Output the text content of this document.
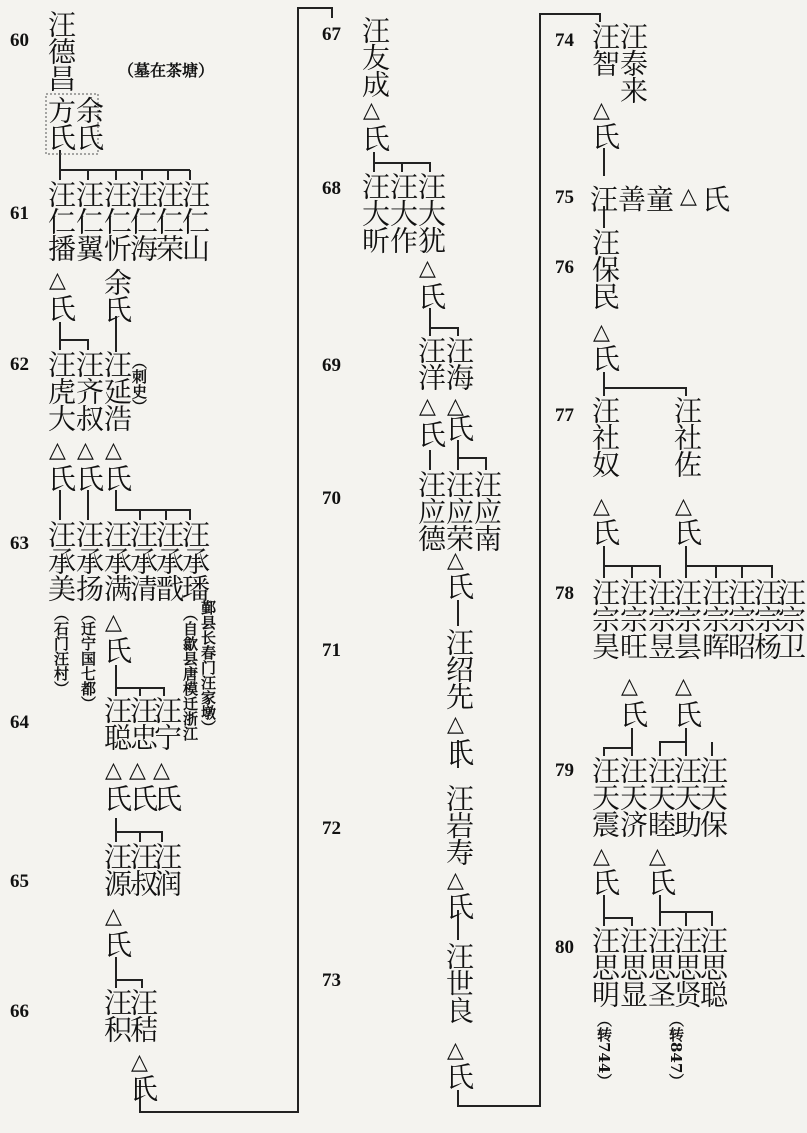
60
61
62
63
64
65
66
67
68
69
70
71
72
73
74
75
76
77
78
79
80
汪德昌	（墓在茶塘）
方氏
余氏
汪仁播
汪仁翼
汪仁忻
汪仁海
汪仁荣
汪仁山
△
氏 余氏
汪虎大
汪齐叔
汪延浩
（刺史）
△ △ △
氏
氏
氏
汪承美
汪承扬
汪承满
汪承清
汪承戬
汪承璠
（石门汪村） （迁宁国七都）	（自歙县唐模迁浙江 鄞县长春门汪家墩）
△
氏
汪聪
汪忠
汪宁
△ △ △
氏
氏
氏
汪源
汪叔
汪润
△
氏
汪积
汪秸
△
氏
汪友成
△
氏
汪大昕
汪大作
汪大犹
△
氏
汪洋
汪海
△ △
氏
氏
汪应德
汪应荣
汪应南
△
氏
汪绍先
△
氏
汪岩寿
△
氏
汪世良
△
氏
汪智
汪泰来
△
氏
汪善童 △ 氏
汪保民
△
氏
汪社奴 汪社佐
△	△
氏 氏
汪宗昊
汪宗旺
汪宗昱
汪宗昙
汪宗晖
汪宗昭
汪宗杨
汪宗卫
△ △
氏 氏
汪天震
汪天济
汪天睦
汪天助
汪天保
△ △
氏 氏
汪思明
汪思显
汪思圣
汪思贤
汪思聪
（转744）	（转847）
